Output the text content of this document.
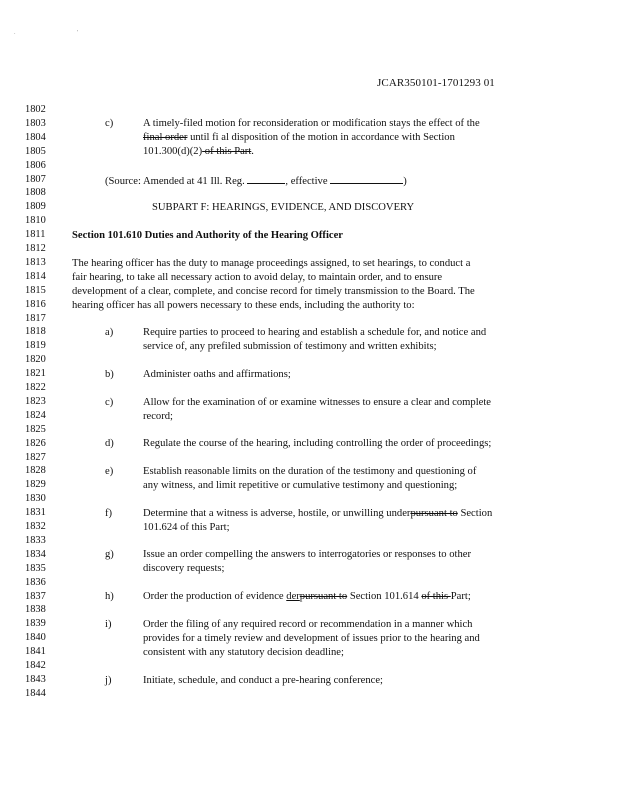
. '
JCAR350101-1701293 01
1802
1803
1804
1805
1806
1807
1808
1809
1810
1811
1812
1813
1814
1815
1816
1817
1818
1819
1820
1821
1822
1823
1824
1825
1826
1827
1828
1829
1830
1831
1832
1833
1834
1835
1836
1837
1838
1839
1840
1841
1842
1843
1844
c)	A timely-filed motion for reconsideration or modification stays the effect of the
final order until fi al disposition of the motion in accordance with Section
101.300(d)(2) of this Part.
(Source: Amended at 41 Ill. Reg.	, effective	)
SUBPART F: HEARINGS, EVIDENCE, AND DISCOVERY
Section 101.610 Duties and Authority of the Hearing Officer
The hearing officer has the duty to manage proceedings assigned, to set hearings, to conduct a
fair hearing, to take all necessary action to avoid delay, to maintain order, and to ensure
development of a clear, complete, and concise record for timely transmission to the Board. The
hearing officer has all powers necessary to these ends, including the authority to:
a)	Require parties to proceed to hearing and establish a schedule for, and notice and
service of, any prefiled submission of testimony and written exhibits;
b)	Administer oaths and affirmations;
c)	Allow for the examination of or examine witnesses to ensure a clear and complete
record;
d)	Regulate the course of the hearing, including controlling the order of proceedings;
e)	Establish reasonable limits on the duration of the testimony and questioning of
any witness, and limit repetitive or cumulative testimony and questioning;
f)	Determine that a witness is adverse, hostile, or unwilling underpursuant to Section
101.624 of this Part;
g)	Issue an order compelling the answers to interrogatories or responses to other
discovery requests;
h)	Order the production of evidence derpursuant to Section 101.614 of this Part;
i)	Order the filing of any required record or recommendation in a manner which
provides for a timely review and development of issues prior to the hearing and
consistent with any statutory decision deadline;
j)	Initiate, schedule, and conduct a pre-hearing conference;
